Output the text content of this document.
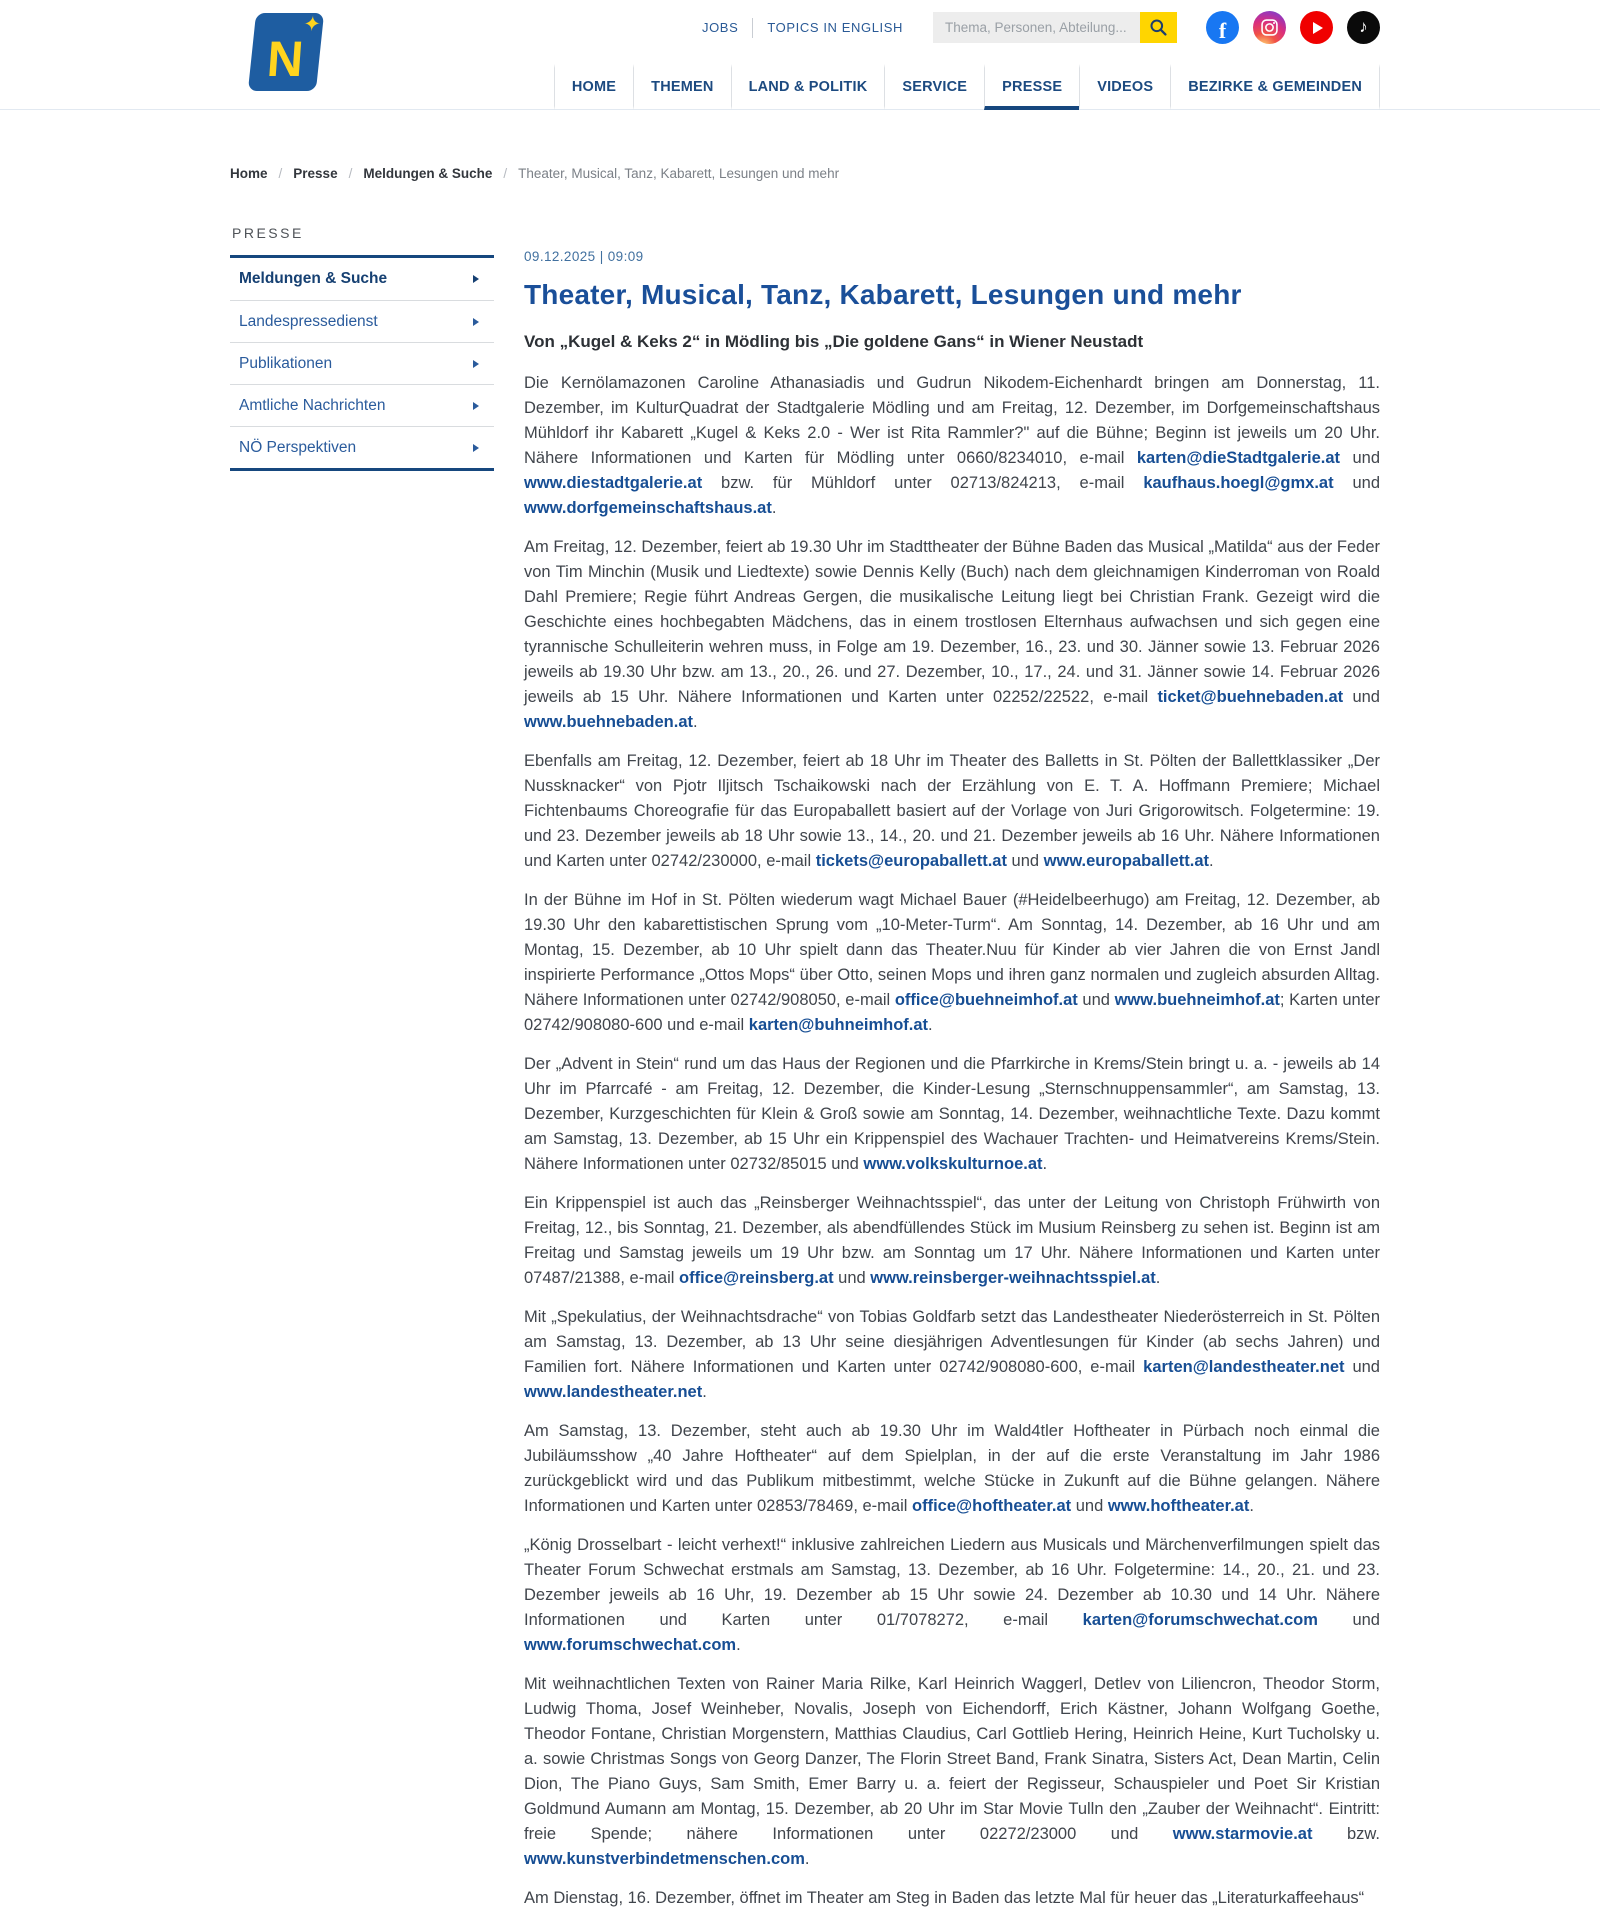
N
✦	JOBS TOPICS IN ENGLISH
Thema, Personen, Abteilung...	f	♪
HOME	THEMEN	LAND & POLITIK	SERVICE	PRESSE	VIDEOS	BEZIRKE & GEMEINDEN
Home / Presse / Meldungen & Suche / Theater, Musical, Tanz, Kabarett, Lesungen und mehr
PRESSE
Meldungen & Suche
Landespressedienst
Publikationen
Amtliche Nachrichten
NÖ Perspektiven
09.12.2025 | 09:09
Theater, Musical, Tanz, Kabarett, Lesungen und mehr
Von „Kugel & Keks 2“ in Mödling bis „Die goldene Gans“ in Wiener Neustadt

Die Kernölamazonen Caroline Athanasiadis und Gudrun Nikodem-Eichenhardt bringen am Donnerstag, 11. Dezember, im KulturQuadrat der Stadtgalerie Mödling und am Freitag, 12. Dezember, im Dorfgemeinschaftshaus Mühldorf ihr Kabarett „Kugel & Keks 2.0 - Wer ist Rita Rammler?" auf die Bühne; Beginn ist jeweils um 20 Uhr. Nähere Informationen und Karten für Mödling unter 0660/8234010, e-mail karten@dieStadtgalerie.at und www.diestadtgalerie.at bzw. für Mühldorf unter 02713/824213, e-mail kaufhaus.hoegl@gmx.at und www.dorfgemeinschaftshaus.at.

Am Freitag, 12. Dezember, feiert ab 19.30 Uhr im Stadttheater der Bühne Baden das Musical „Matilda“ aus der Feder von Tim Minchin (Musik und Liedtexte) sowie Dennis Kelly (Buch) nach dem gleichnamigen Kinderroman von Roald Dahl Premiere; Regie führt Andreas Gergen, die musikalische Leitung liegt bei Christian Frank. Gezeigt wird die Geschichte eines hochbegabten Mädchens, das in einem trostlosen Elternhaus aufwachsen und sich gegen eine tyrannische Schulleiterin wehren muss, in Folge am 19. Dezember, 16., 23. und 30. Jänner sowie 13. Februar 2026 jeweils ab 19.30 Uhr bzw. am 13., 20., 26. und 27. Dezember, 10., 17., 24. und 31. Jänner sowie 14. Februar 2026 jeweils ab 15 Uhr. Nähere Informationen und Karten unter 02252/22522, e-mail ticket@buehnebaden.at und www.buehnebaden.at.

Ebenfalls am Freitag, 12. Dezember, feiert ab 18 Uhr im Theater des Balletts in St. Pölten der Ballettklassiker „Der Nussknacker“ von Pjotr Iljitsch Tschaikowski nach der Erzählung von E. T. A. Hoffmann Premiere; Michael Fichtenbaums Choreografie für das Europaballett basiert auf der Vorlage von Juri Grigorowitsch. Folgetermine: 19. und 23. Dezember jeweils ab 18 Uhr sowie 13., 14., 20. und 21. Dezember jeweils ab 16 Uhr. Nähere Informationen und Karten unter 02742/230000, e-mail tickets@europaballett.at und www.europaballett.at.

In der Bühne im Hof in St. Pölten wiederum wagt Michael Bauer (#Heidelbeerhugo) am Freitag, 12. Dezember, ab 19.30 Uhr den kabarettistischen Sprung vom „10-Meter-Turm“. Am Sonntag, 14. Dezember, ab 16 Uhr und am Montag, 15. Dezember, ab 10 Uhr spielt dann das Theater.Nuu für Kinder ab vier Jahren die von Ernst Jandl inspirierte Performance „Ottos Mops“ über Otto, seinen Mops und ihren ganz normalen und zugleich absurden Alltag. Nähere Informationen unter 02742/908050, e-mail office@buehneimhof.at und www.buehneimhof.at; Karten unter 02742/908080-600 und e-mail karten@buhneimhof.at.

Der „Advent in Stein“ rund um das Haus der Regionen und die Pfarrkirche in Krems/Stein bringt u. a. - jeweils ab 14 Uhr im Pfarrcafé - am Freitag, 12. Dezember, die Kinder-Lesung „Sternschnuppensammler“, am Samstag, 13. Dezember, Kurzgeschichten für Klein & Groß sowie am Sonntag, 14. Dezember, weihnachtliche Texte. Dazu kommt am Samstag, 13. Dezember, ab 15 Uhr ein Krippenspiel des Wachauer Trachten- und Heimatvereins Krems/Stein. Nähere Informationen unter 02732/85015 und www.volkskulturnoe.at.

Ein Krippenspiel ist auch das „Reinsberger Weihnachtsspiel“, das unter der Leitung von Christoph Frühwirth von Freitag, 12., bis Sonntag, 21. Dezember, als abendfüllendes Stück im Musium Reinsberg zu sehen ist. Beginn ist am Freitag und Samstag jeweils um 19 Uhr bzw. am Sonntag um 17 Uhr. Nähere Informationen und Karten unter 07487/21388, e-mail office@reinsberg.at und www.reinsberger-weihnachtsspiel.at.

Mit „Spekulatius, der Weihnachtsdrache“ von Tobias Goldfarb setzt das Landestheater Niederösterreich in St. Pölten am Samstag, 13. Dezember, ab 13 Uhr seine diesjährigen Adventlesungen für Kinder (ab sechs Jahren) und Familien fort. Nähere Informationen und Karten unter 02742/908080-600, e-mail karten@landestheater.net und www.landestheater.net.

Am Samstag, 13. Dezember, steht auch ab 19.30 Uhr im Wald4tler Hoftheater in Pürbach noch einmal die Jubiläumsshow „40 Jahre Hoftheater“ auf dem Spielplan, in der auf die erste Veranstaltung im Jahr 1986 zurückgeblickt wird und das Publikum mitbestimmt, welche Stücke in Zukunft auf die Bühne gelangen. Nähere Informationen und Karten unter 02853/78469, e-mail office@hoftheater.at und www.hoftheater.at.

„König Drosselbart - leicht verhext!“ inklusive zahlreichen Liedern aus Musicals und Märchenverfilmungen spielt das Theater Forum Schwechat erstmals am Samstag, 13. Dezember, ab 16 Uhr. Folgetermine: 14., 20., 21. und 23. Dezember jeweils ab 16 Uhr, 19. Dezember ab 15 Uhr sowie 24. Dezember ab 10.30 und 14 Uhr. Nähere Informationen und Karten unter 01/7078272, e-mail karten@forumschwechat.com und www.forumschwechat.com.

Mit weihnachtlichen Texten von Rainer Maria Rilke, Karl Heinrich Waggerl, Detlev von Liliencron, Theodor Storm, Ludwig Thoma, Josef Weinheber, Novalis, Joseph von Eichendorff, Erich Kästner, Johann Wolfgang Goethe, Theodor Fontane, Christian Morgenstern, Matthias Claudius, Carl Gottlieb Hering, Heinrich Heine, Kurt Tucholsky u. a. sowie Christmas Songs von Georg Danzer, The Florin Street Band, Frank Sinatra, Sisters Act, Dean Martin, Celin Dion, The Piano Guys, Sam Smith, Emer Barry u. a. feiert der Regisseur, Schauspieler und Poet Sir Kristian Goldmund Aumann am Montag, 15. Dezember, ab 20 Uhr im Star Movie Tulln den „Zauber der Weihnacht“. Eintritt: freie Spende; nähere Informationen unter 02272/23000 und www.starmovie.at bzw. www.kunstverbindetmenschen.com.

Am Dienstag, 16. Dezember, öffnet im Theater am Steg in Baden das letzte Mal für heuer das „Literaturkaffeehaus“
